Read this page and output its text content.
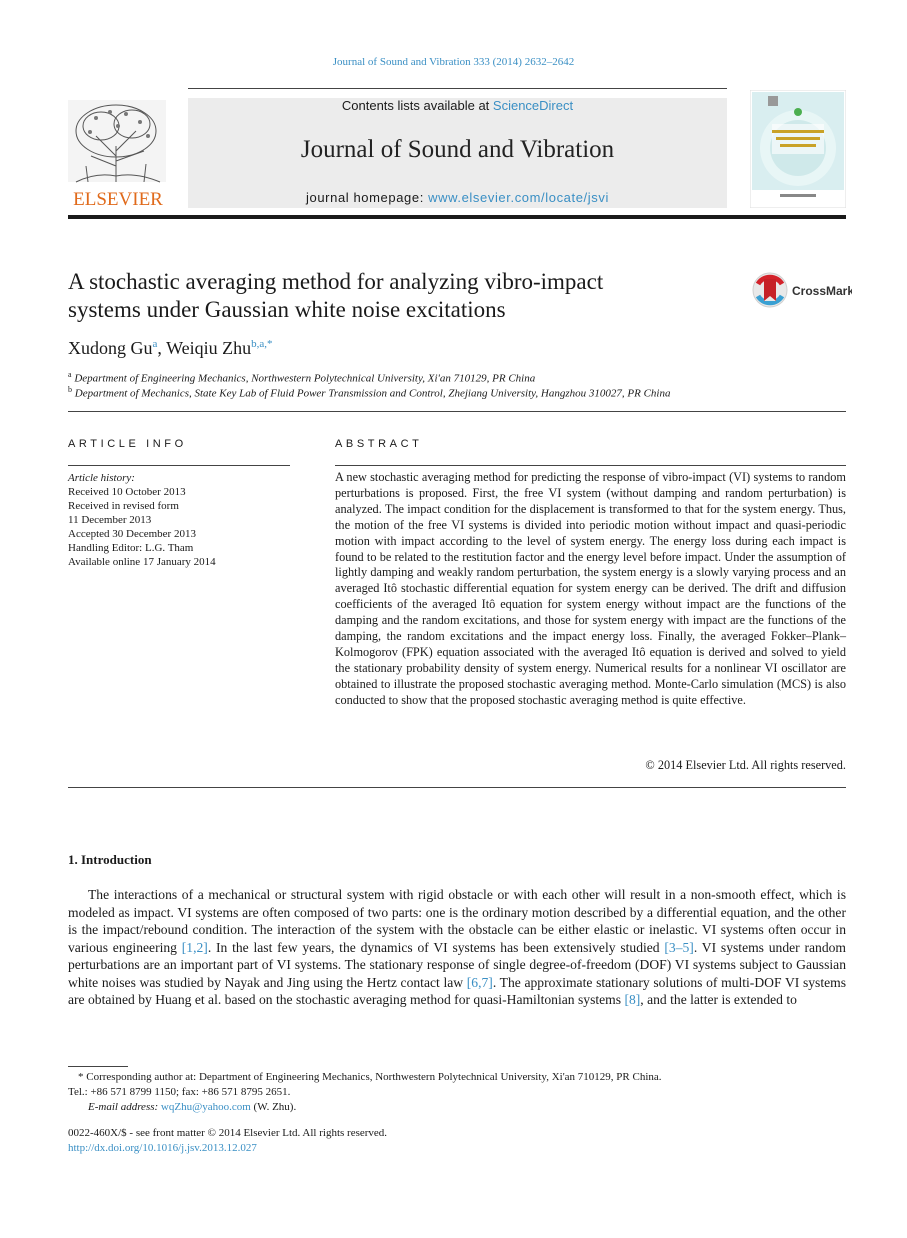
Journal of Sound and Vibration 333 (2014) 2632–2642
Contents lists available at ScienceDirect
Journal of Sound and Vibration
journal homepage: www.elsevier.com/locate/jsvi
ELSEVIER
A stochastic averaging method for analyzing vibro-impact
systems under Gaussian white noise excitations
CrossMark
Xudong Gu$^a$, Weiqiu Zhu$^{b,a,*}$
$^a$ Department of Engineering Mechanics, Northwestern Polytechnical University, Xi'an 710129, PR China
$^b$ Department of Mechanics, State Key Lab of Fluid Power Transmission and Control, Zhejiang University, Hangzhou 310027, PR China
ARTICLE INFO
Article history:
Received 10 October 2013
Received in revised form
11 December 2013
Accepted 30 December 2013
Handling Editor: L.G. Tham
Available online 17 January 2014
ABSTRACT
A new stochastic averaging method for predicting the response of vibro-impact (VI) systems to random perturbations is proposed. First, the free VI system (without damping and random perturbation) is analyzed. The impact condition for the displacement is transformed to that for the system energy. Thus, the motion of the free VI systems is divided into periodic motion without impact and quasi-periodic motion with impact according to the level of system energy. The energy loss during each impact is found to be related to the restitution factor and the energy level before impact. Under the assumption of lightly damping and weakly random perturbation, the system energy is a slowly varying process and an averaged Itô stochastic differential equation for system energy can be derived. The drift and diffusion coefficients of the averaged Itô equation for system energy without impact are the functions of the damping and the random excitations, and those for system energy with impact are the functions of the damping, the random excitations and the impact energy loss. Finally, the averaged Fokker–Plank–Kolmogorov (FPK) equation associated with the averaged Itô equation is derived and solved to yield the stationary probability density of system energy. Numerical results for a nonlinear VI oscillator are obtained to illustrate the proposed stochastic averaging method. Monte-Carlo simulation (MCS) is also conducted to show that the proposed stochastic averaging method is quite effective.
© 2014 Elsevier Ltd. All rights reserved.
1. Introduction
The interactions of a mechanical or structural system with rigid obstacle or with each other will result in a non-smooth effect, which is modeled as impact. VI systems are often composed of two parts: one is the ordinary motion described by a differential equation, and the other is the impact/rebound condition. The interaction of the system with the obstacle can be either elastic or inelastic. VI systems often occur in various engineering [1,2]. In the last few years, the dynamics of VI systems has been extensively studied [3–5]. VI systems under random perturbations are an important part of VI systems. The stationary response of single degree-of-freedom (DOF) VI systems subject to Gaussian white noises was studied by Nayak and Jing using the Hertz contact law [6,7]. The approximate stationary solutions of multi-DOF VI systems are obtained by Huang et al. based on the stochastic averaging method for quasi-Hamiltonian systems [8], and the latter is extended to
* Corresponding author at: Department of Engineering Mechanics, Northwestern Polytechnical University, Xi'an 710129, PR China.
Tel.: +86 571 8799 1150; fax: +86 571 8795 2651.
E-mail address: wqZhu@yahoo.com (W. Zhu).
0022-460X/$ - see front matter © 2014 Elsevier Ltd. All rights reserved.
http://dx.doi.org/10.1016/j.jsv.2013.12.027
